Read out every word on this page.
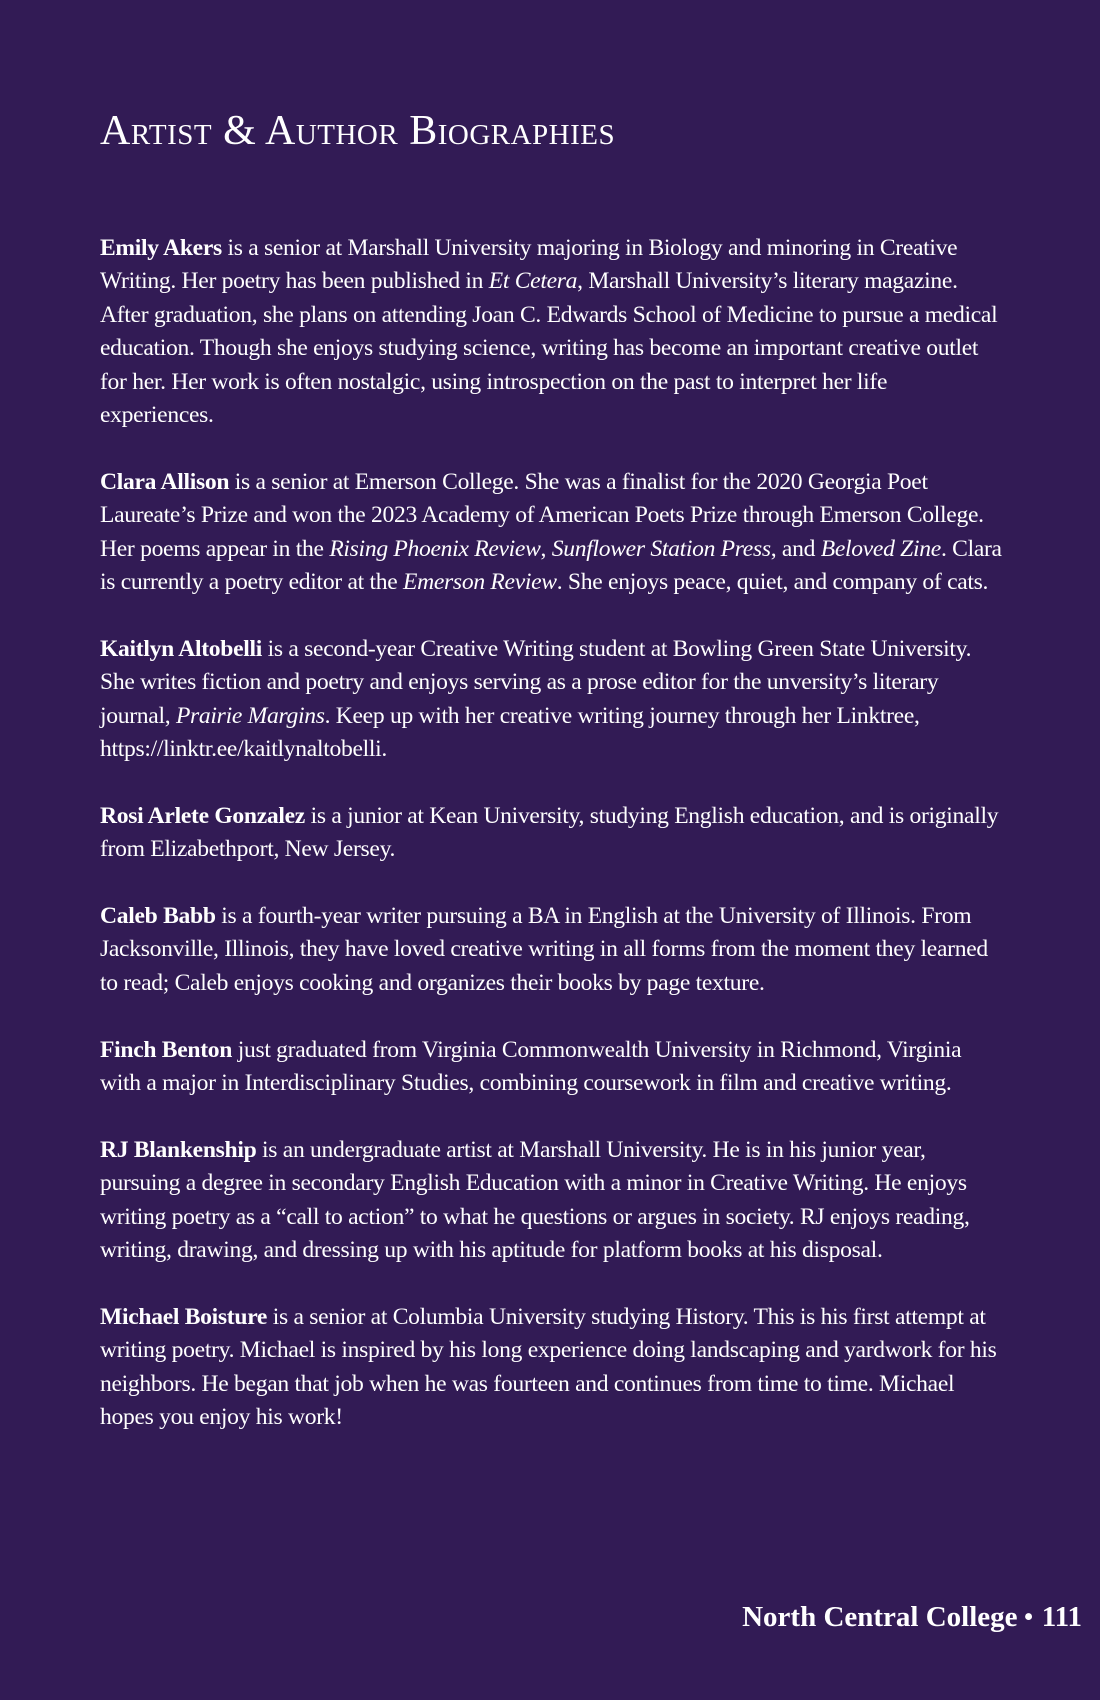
Artist & Author Biographies

Emily Akers is a senior at Marshall University majoring in Biology and minoring in Creative Writing. Her poetry has been published in Et Cetera, Marshall University’s literary magazine. After graduation, she plans on attending Joan C. Edwards School of Medicine to pursue a medical education. Though she enjoys studying science, writing has become an important creative outlet for her. Her work is often nostalgic, using introspection on the past to interpret her life experiences.

Clara Allison is a senior at Emerson College. She was a finalist for the 2020 Georgia Poet Laureate’s Prize and won the 2023 Academy of American Poets Prize through Emerson College. Her poems appear in the Rising Phoenix Review, Sunflower Station Press, and Beloved Zine. Clara is currently a poetry editor at the Emerson Review. She enjoys peace, quiet, and company of cats.

Kaitlyn Altobelli is a second-year Creative Writing student at Bowling Green State University. She writes fiction and poetry and enjoys serving as a prose editor for the unversity’s literary journal, Prairie Margins. Keep up with her creative writing journey through her Linktree, https://linktr.ee/kaitlynaltobelli.

Rosi Arlete Gonzalez is a junior at Kean University, studying English education, and is originally from Elizabethport, New Jersey.

Caleb Babb is a fourth-year writer pursuing a BA in English at the University of Illinois. From Jacksonville, Illinois, they have loved creative writing in all forms from the moment they learned to read; Caleb enjoys cooking and organizes their books by page texture.

Finch Benton just graduated from Virginia Commonwealth University in Richmond, Virginia with a major in Interdisciplinary Studies, combining coursework in film and creative writing.

RJ Blankenship is an undergraduate artist at Marshall University. He is in his junior year, pursuing a degree in secondary English Education with a minor in Creative Writing. He enjoys writing poetry as a “call to action” to what he questions or argues in society. RJ enjoys reading, writing, drawing, and dressing up with his aptitude for platform books at his disposal.

Michael Boisture is a senior at Columbia University studying History. This is his first attempt at writing poetry. Michael is inspired by his long experience doing landscaping and yardwork for his neighbors. He began that job when he was fourteen and continues from time to time. Michael hopes you enjoy his work!

North Central College • 111
